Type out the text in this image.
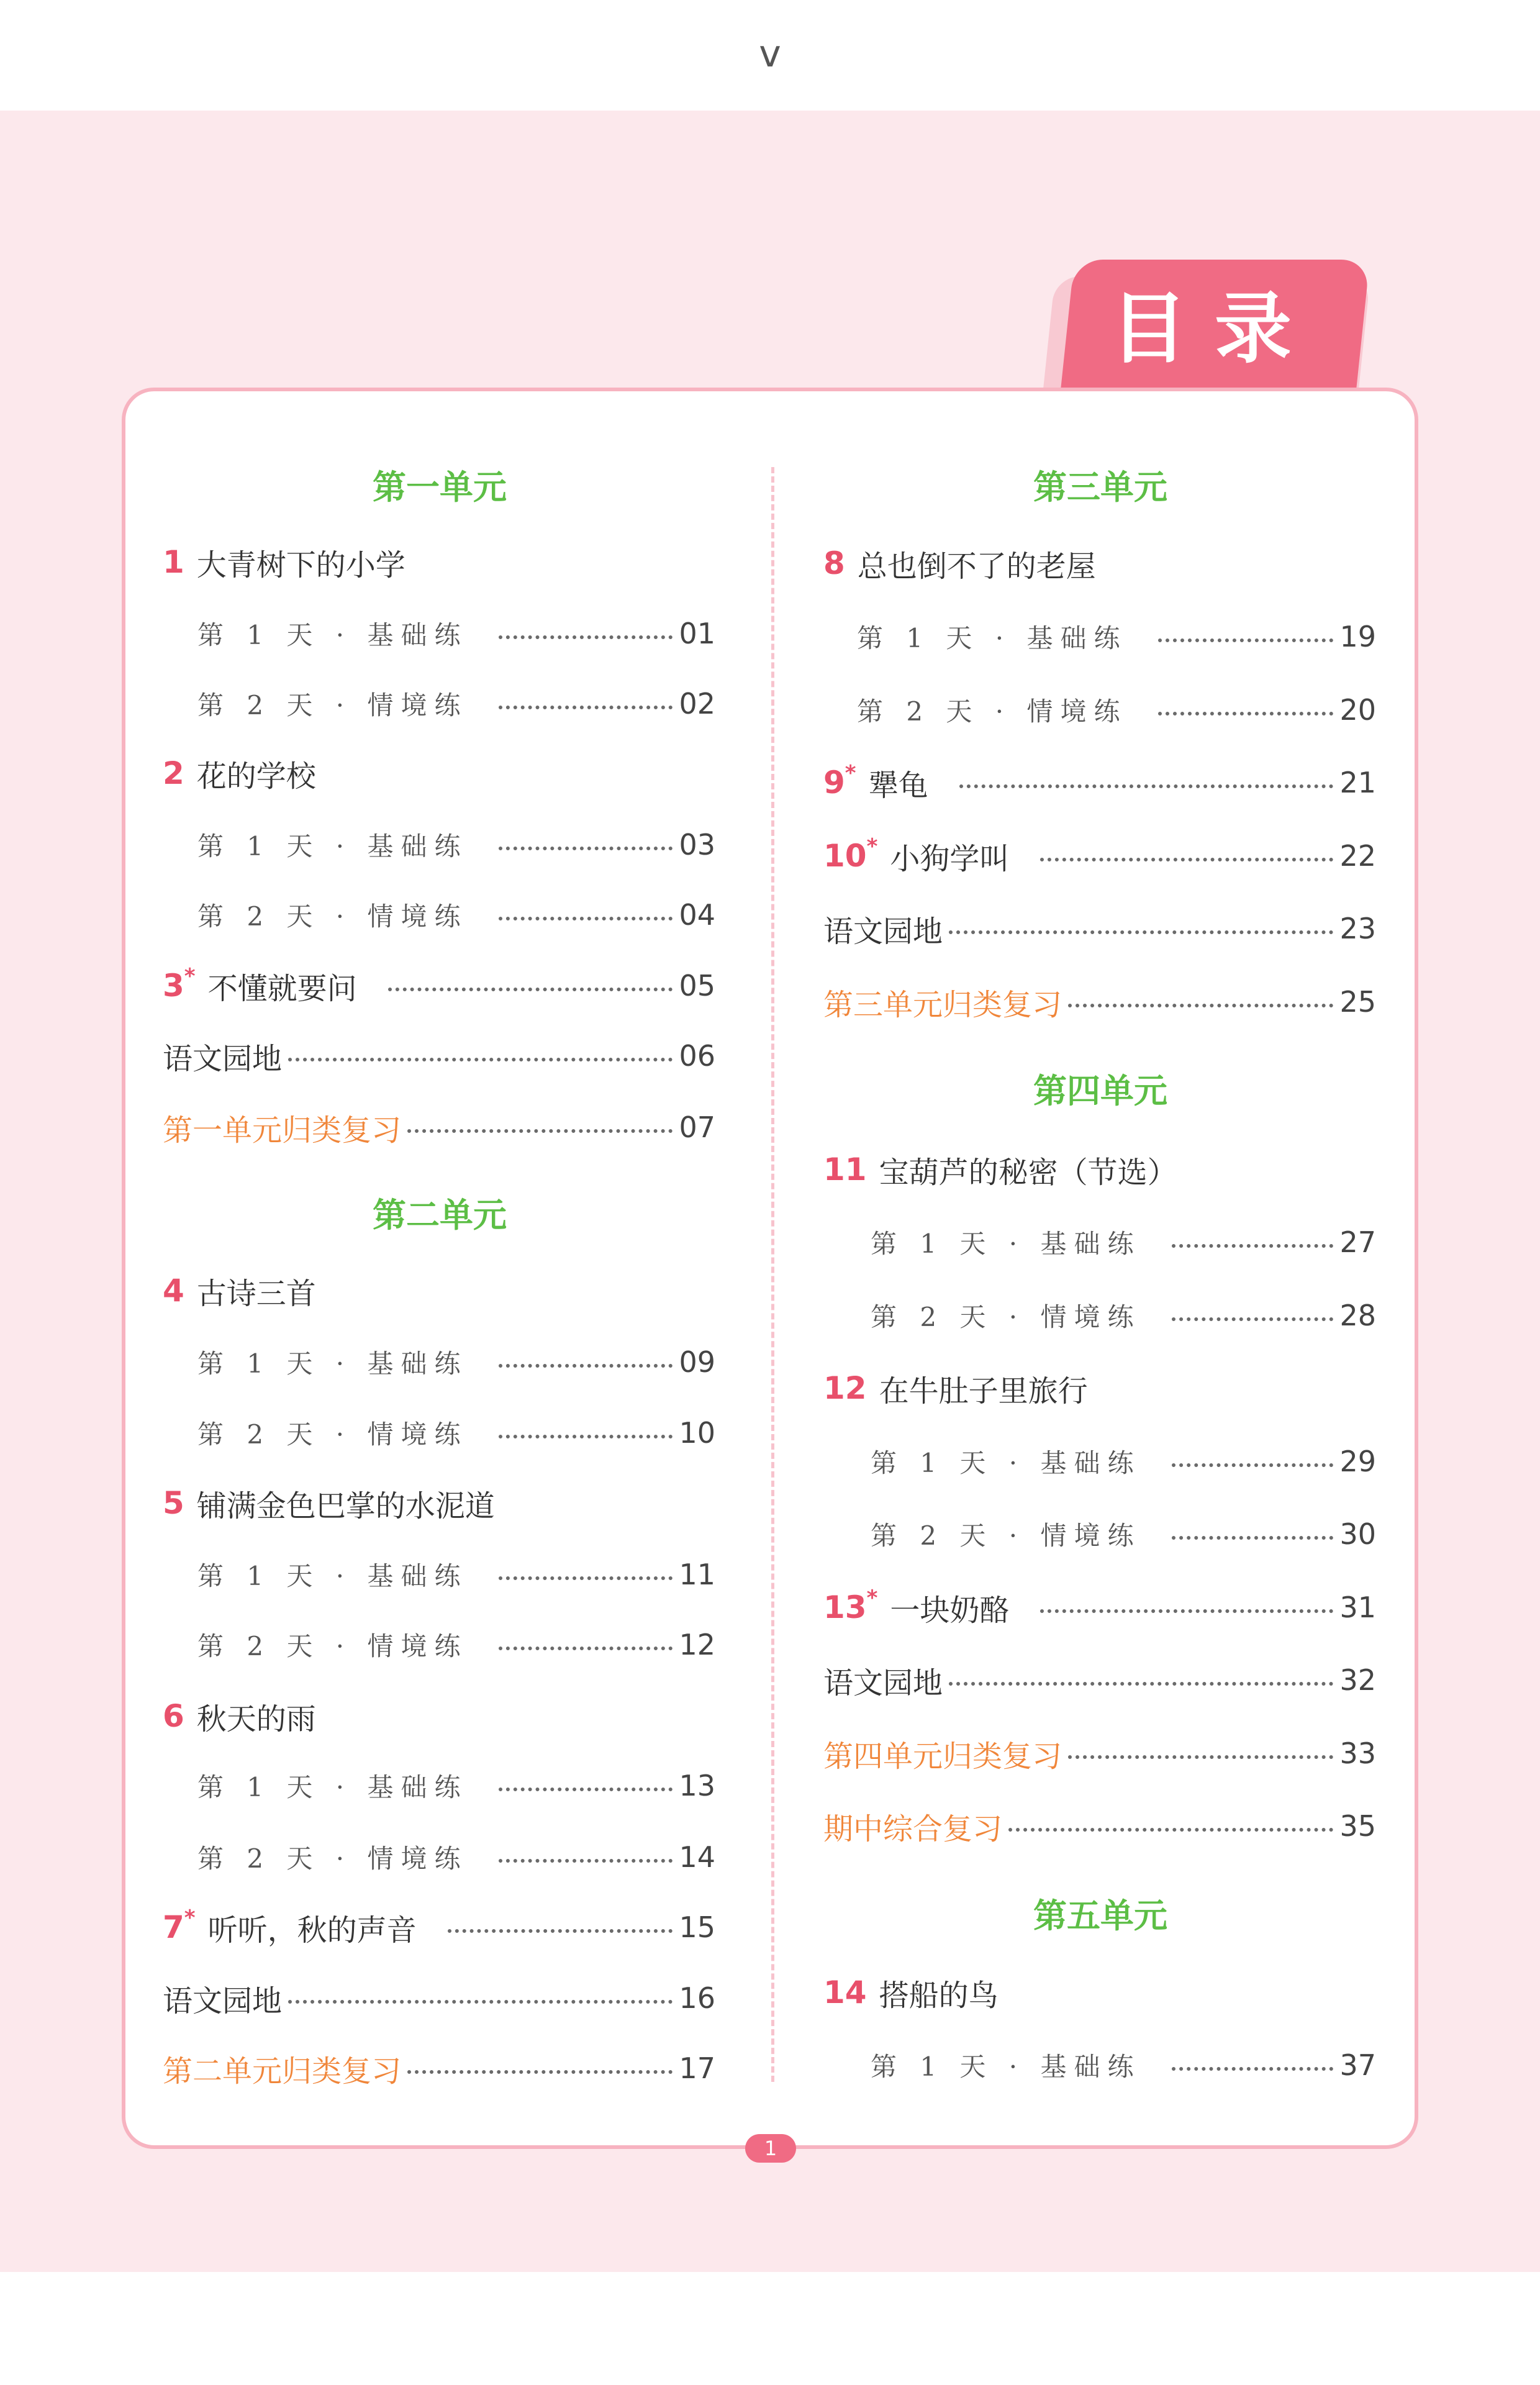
v
目录
第一单元
1 大青树下的小学
第 1 天 · 基础练	01
第 2 天 · 情境练	02
2 花的学校
第 1 天 · 基础练	03
第 2 天 · 情境练	04
3* 不懂就要问	05
语文园地	06
第一单元归类复习	07
第二单元
4 古诗三首
第 1 天 · 基础练	09
第 2 天 · 情境练	10
5 铺满金色巴掌的水泥道
第 1 天 · 基础练	11
第 2 天 · 情境练	12
6 秋天的雨
第 1 天 · 基础练	13
第 2 天 · 情境练	14
7* 听听，秋的声音	15
语文园地	16
第二单元归类复习	17
第三单元
8 总也倒不了的老屋
第 1 天 · 基础练	19
第 2 天 · 情境练	20
9* 犟龟	21
10* 小狗学叫	22
语文园地	23
第三单元归类复习	25
第四单元
11 宝葫芦的秘密（节选）
第 1 天 · 基础练	27
第 2 天 · 情境练	28
12 在牛肚子里旅行
第 1 天 · 基础练	29
第 2 天 · 情境练	30
13* 一块奶酪	31
语文园地	32
第四单元归类复习	33
期中综合复习	35
第五单元
14 搭船的鸟
第 1 天 · 基础练	37
1
